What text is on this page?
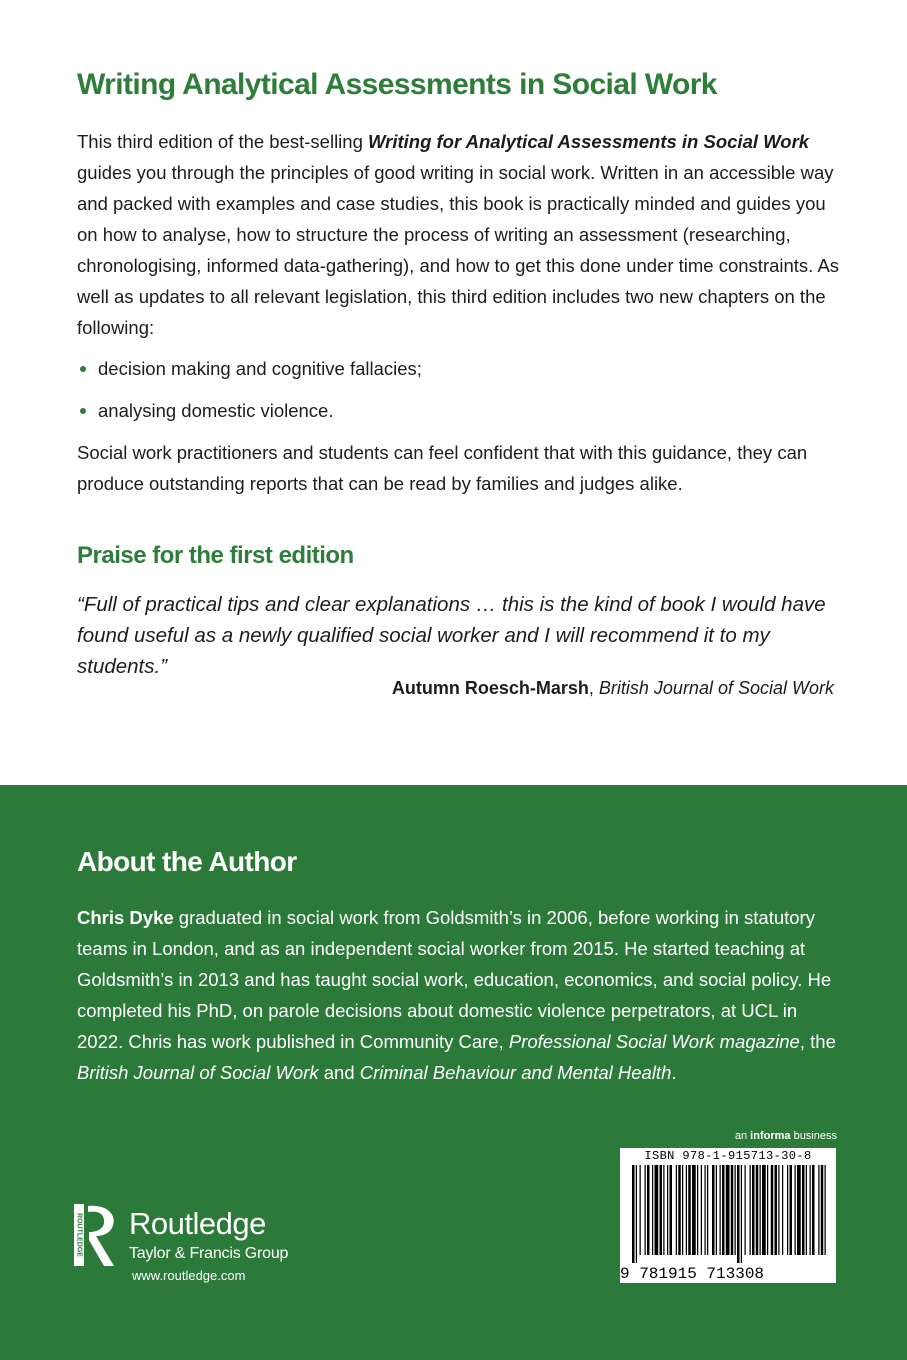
Writing Analytical Assessments in Social Work

This third edition of the best-selling Writing for Analytical Assessments in Social Work guides you through the principles of good writing in social work. Written in an accessible way and packed with examples and case studies, this book is practically minded and guides you on how to analyse, how to structure the process of writing an assessment (researching, chronologising, informed data-gathering), and how to get this done under time constraints. As well as updates to all relevant legislation, this third edition includes two new chapters on the following:

decision making and cognitive fallacies;
analysing domestic violence.

Social work practitioners and students can feel confident that with this guidance, they can produce outstanding reports that can be read by families and judges alike.

Praise for the first edition

“Full of practical tips and clear explanations … this is the kind of book I would have found useful as a newly qualified social worker and I will recommend it to my students.”

Autumn Roesch-Marsh, British Journal of Social Work
About the Author

Chris Dyke graduated in social work from Goldsmith’s in 2006, before working in statutory teams in London, and as an independent social worker from 2015. He started teaching at Goldsmith’s in 2013 and has taught social work, education, economics, and social policy. He completed his PhD, on parole decisions about domestic violence perpetrators, at UCL in 2022. Chris has work published in Community Care, Professional Social Work magazine, the British Journal of Social Work and Criminal Behaviour and Mental Health.

an informa business
ISBN 978-1-915713-30-8
9 781915 713308
ROUTLEDGE Routledge
Taylor & Francis Group
www.routledge.com
